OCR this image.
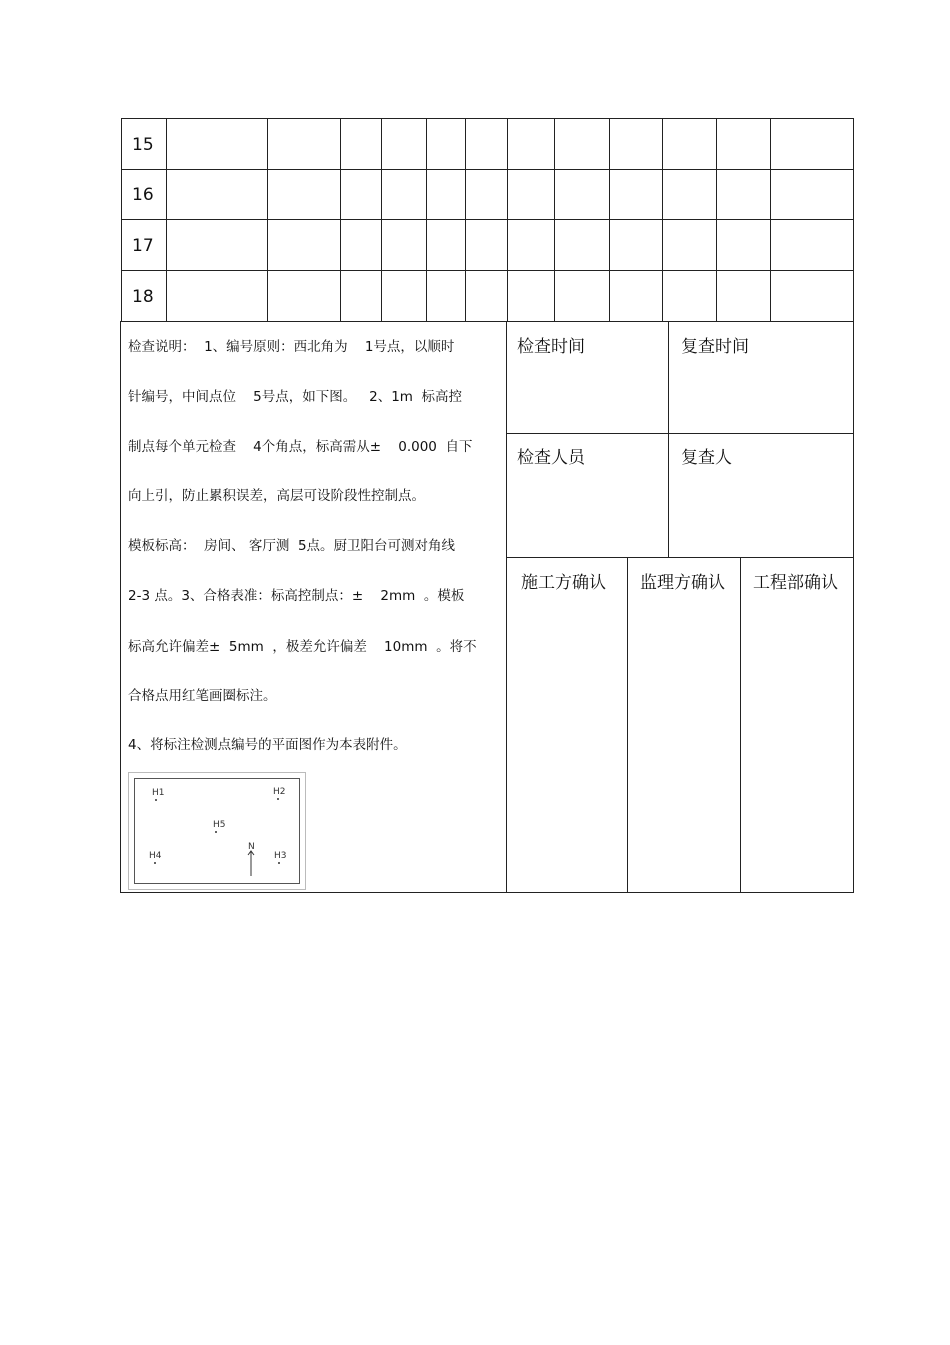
15
16
17
18
检查说明：  1、编号原则：西北角为    1号点，以顺时
针编号，中间点位    5号点，如下图。   2、1m  标高控
制点每个单元检查    4个角点，标高需从±    0.000  自下
向上引，防止累积误差，高层可设阶段性控制点。
模板标高：  房间、 客厅测  5点。厨卫阳台可测对角线
2-3 点。3、合格表准：标高控制点：±    2mm  。模板
标高允许偏差±  5mm  ，极差允许偏差    10mm  。将不
合格点用红笔画圈标注。
4、将标注检测点编号的平面图作为本表附件。
检查时间	复查时间
检查人员	复查人
施工方确认 监理方确认 工程部确认
H1	H2
H5
H4	H3
N
